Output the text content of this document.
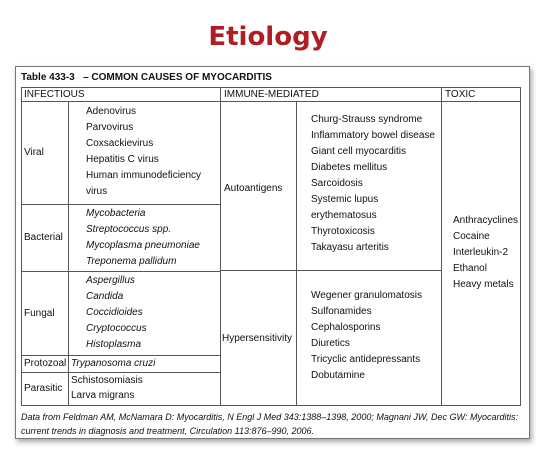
Etiology
Table 433-3   – COMMON CAUSES OF MYOCARDITIS
INFECTIOUS	IMMUNE-MEDIATED	TOXIC
Viral
Adenovirus
Parvovirus
Coxsackievirus
Hepatitis C virus
Human immunodeficiency
virus
Bacterial
Mycobacteria
Streptococcus spp.
Mycoplasma pneumoniae
Treponema pallidum
Fungal
Aspergillus
Candida
Coccidioides
Cryptococcus
Histoplasma
Protozoal Trypanosoma cruzi
Parasitic
Schistosomiasis
Larva migrans
Autoantigens
Churg-Strauss syndrome
Inflammatory bowel disease
Giant cell myocarditis
Diabetes mellitus
Sarcoidosis
Systemic lupus
erythematosus
Thyrotoxicosis
Takayasu arteritis
Hypersensitivity
Wegener granulomatosis
Sulfonamides
Cephalosporins
Diuretics
Tricyclic antidepressants
Dobutamine
Anthracyclines
Cocaine
Interleukin-2
Ethanol
Heavy metals
Data from Feldman AM, McNamara D: Myocarditis, N Engl J Med 343:1388–1398, 2000; Magnani JW, Dec GW: Myocarditis: current trends in diagnosis and treatment, Circulation 113:876–990, 2006.
